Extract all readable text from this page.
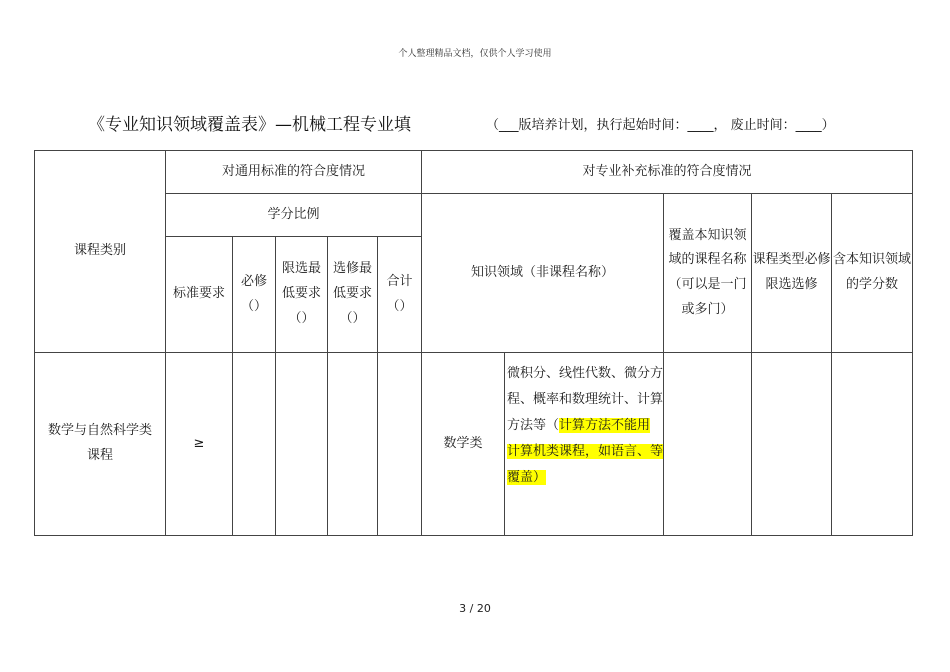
个人整理精品文档，仅供个人学习使用
《专业知识领域覆盖表》—机械工程专业填	（___版培养计划，执行起始时间：____， 废止时间：____）
课程类别	对通用标准的符合度情况					对专业补充标准的符合度情况				
	学分比例					知识领域（非课程名称）		覆盖本知识领域的课程名称（可以是一门或多门）	课程类型必修限选选修	含本知识领域的学分数
	标准要求	必修（）	限选最低要求（）	选修最低要求（）	合计（）					
数学与自然科学类课程	≥					数学类	微积分、线性代数、微分方程、概率和数理统计、计算方法等（计算方法不能用计算机类课程，如语言、等覆盖）			
3 / 20
